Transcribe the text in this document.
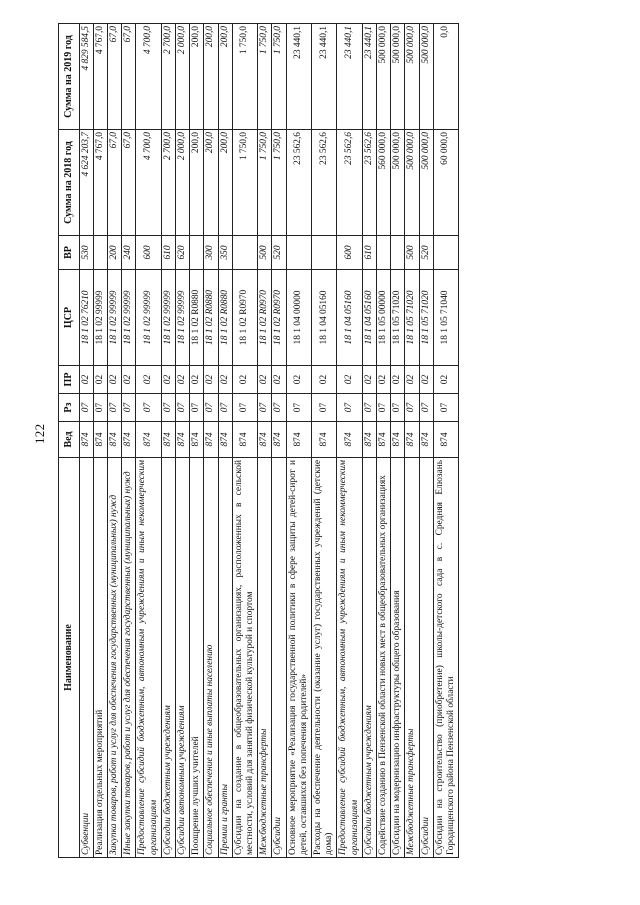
122
Наименование	Вед	Рз	ПР	ЦСР	ВР	Сумма на 2018 год	Сумма на 2019 год
Субвенции	874	07	02	18 1 02 76210	530	4 624 203,7	4 829 584,5
Реализация отдельных мероприятий	874	07	02	18 1 02 99999		4 767,0	4 767,0
Закупка товаров, работ и услуг для обеспечения государственных (муниципальных) нужд	874	07	02	18 1 02 99999	200	67,0	67,0
Иные закупки товаров, работ и услуг для обеспечения государственных (муниципальных) нужд	874	07	02	18 1 02 99999	240	67,0	67,0
Предоставление субсидий бюджетным, автономным учреждениям и иным некоммерческим организациям	874	07	02	18 1 02 99999	600	4 700,0	4 700,0
Субсидии бюджетным учреждениям	874	07	02	18 1 02 99999	610	2 700,0	2 700,0
Субсидии автономным учреждениям	874	07	02	18 1 02 99999	620	2 000,0	2 000,0
Поощрение лучших учителей	874	07	02	18 1 02 R0880		200,0	200,0
Социальное обеспечение и иные выплаты населению	874	07	02	18 1 02 R0880	300	200,0	200,0
Премии и гранты	874	07	02	18 1 02 R0880	350	200,0	200,0
Субсидии на создание в общеобразовательных организациях, расположенных в сельской местности, условий для занятий физической культурой и спортом	874	07	02	18 1 02 R0970		1 750,0	1 750,0
Межбюджетные трансферты	874	07	02	18 1 02 R0970	500	1 750,0	1 750,0
Субсидии	874	07	02	18 1 02 R0970	520	1 750,0	1 750,0
Основное мероприятие «Реализация государственной политики в сфере защиты детей-сирот и детей, оставшихся без попечения родителей»	874	07	02	18 1 04 00000		23 562,6	23 440,1
Расходы на обеспечение деятельности (оказание услуг) государственных учреждений (детские дома)	874	07	02	18 1 04 05160		23 562,6	23 440,1
Предоставление субсидий бюджетным, автономным учреждениям и иным некоммерческим организациям	874	07	02	18 1 04 05160	600	23 562,6	23 440,1
Субсидии бюджетным учреждениям	874	07	02	18 1 04 05160	610	23 562,6	23 440,1
Содействие созданию в Пензенской области новых мест в общеобразовательных организациях	874	07	02	18 1 05 00000		560 000,0	500 000,0
Субсидии на модернизацию инфраструктуры общего образования	874	07	02	18 1 05 71020		500 000,0	500 000,0
Межбюджетные трансферты	874	07	02	18 1 05 71020	500	500 000,0	500 000,0
Субсидии	874	07	02	18 1 05 71020	520	500 000,0	500 000,0
Субсидии на строительство (приобретение) школы-детского сада в с. Средняя Елюзань Городищенского района Пензенской области	874	07	02	18 1 05 71040		60 000,0	0,0
